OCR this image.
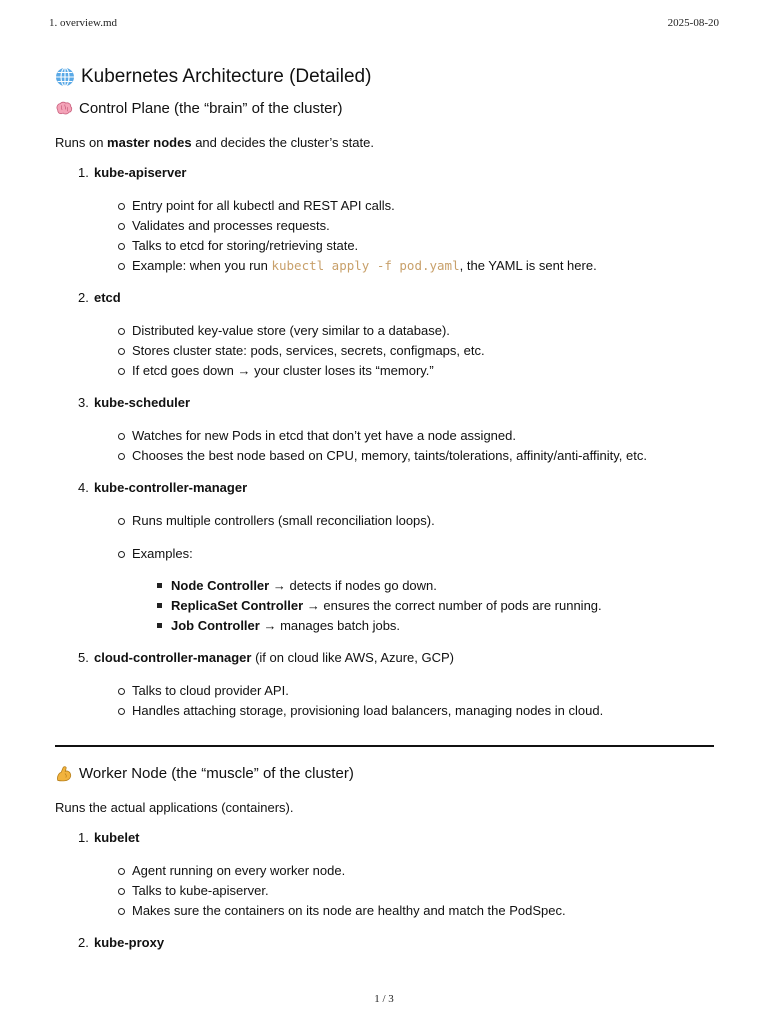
1. overview.md	2025-08-20
Kubernetes Architecture (Detailed)
Control Plane (the “brain” of the cluster)

Runs on master nodes and decides the cluster’s state.

1. kube-apiserver
Entry point for all kubectl and REST API calls.
Validates and processes requests.
Talks to etcd for storing/retrieving state.
Example: when you run kubectl apply -f pod.yaml, the YAML is sent here.
2. etcd
Distributed key-value store (very similar to a database).
Stores cluster state: pods, services, secrets, configmaps, etc.
If etcd goes down → your cluster loses its “memory.”
3. kube-scheduler
Watches for new Pods in etcd that don’t yet have a node assigned.
Chooses the best node based on CPU, memory, taints/tolerations, affinity/anti-affinity, etc.
4. kube-controller-manager
Runs multiple controllers (small reconciliation loops).
Examples:
Node Controller → detects if nodes go down.
ReplicaSet Controller → ensures the correct number of pods are running.
Job Controller → manages batch jobs.
5. cloud-controller-manager (if on cloud like AWS, Azure, GCP)
Talks to cloud provider API.
Handles attaching storage, provisioning load balancers, managing nodes in cloud.
Worker Node (the “muscle” of the cluster)

Runs the actual applications (containers).

1. kubelet
Agent running on every worker node.
Talks to kube-apiserver.
Makes sure the containers on its node are healthy and match the PodSpec.
2. kube-proxy
1 / 3
